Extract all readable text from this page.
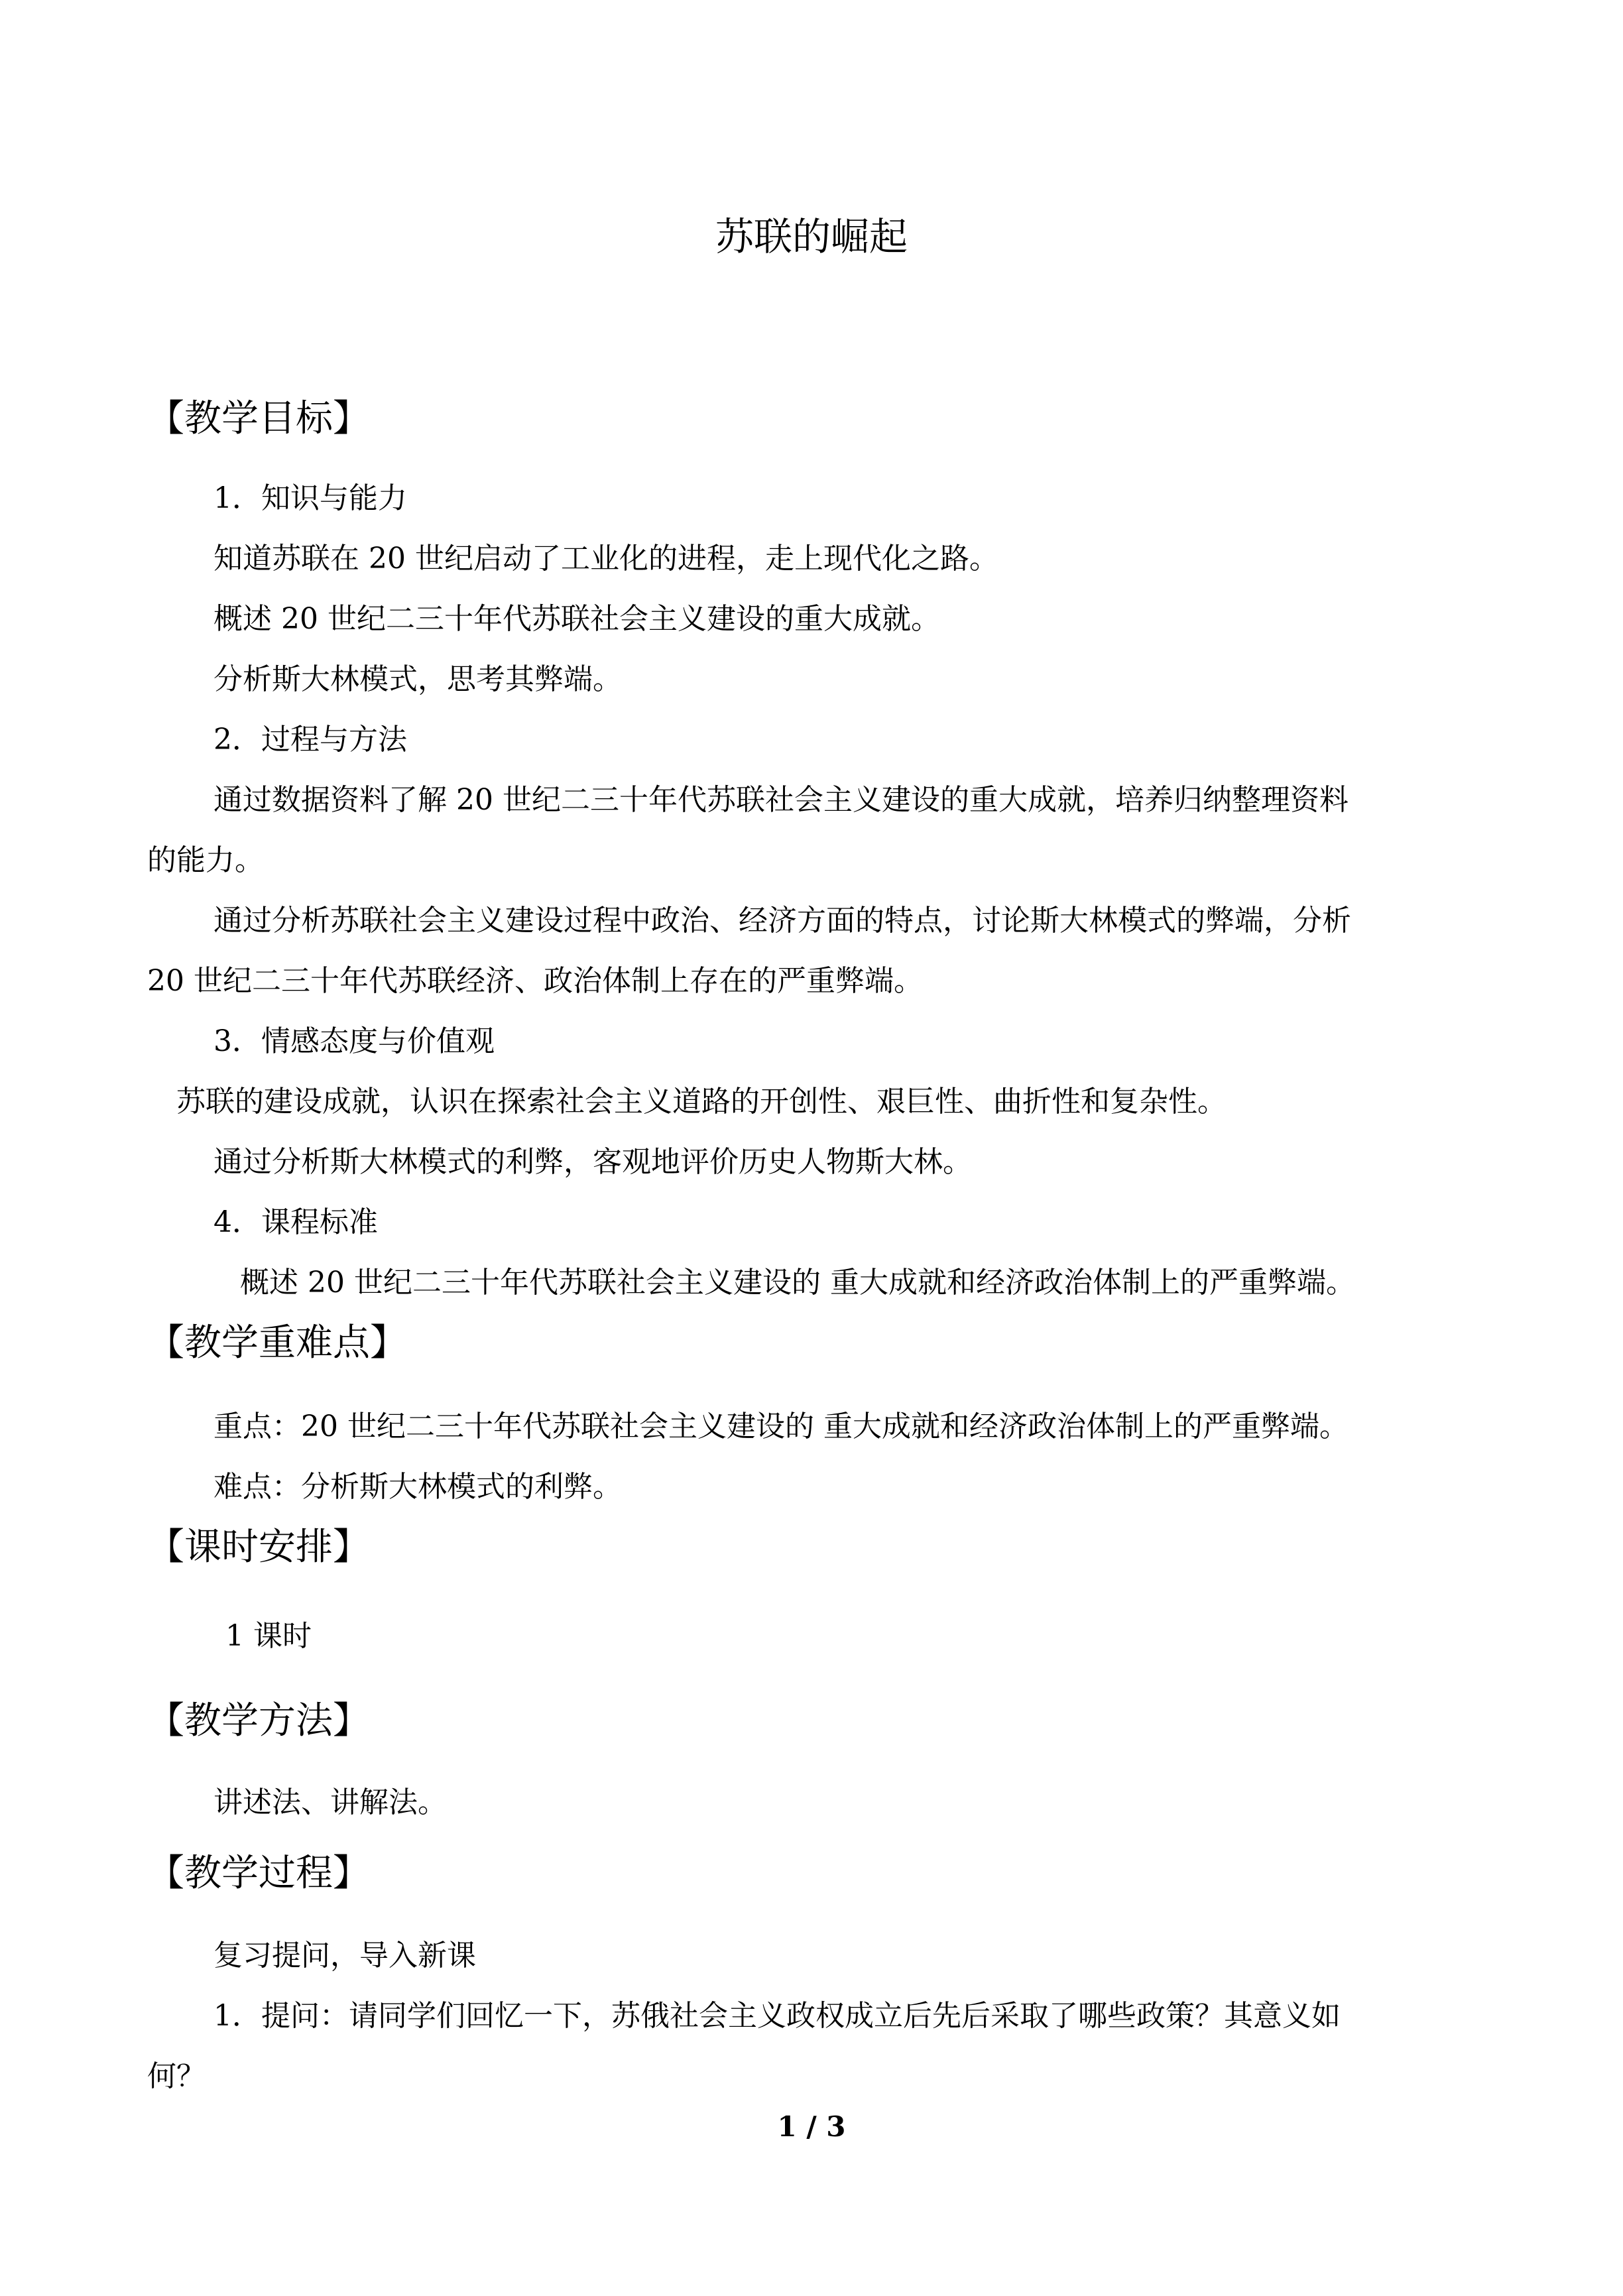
苏联的崛起
【教学目标】
1．知识与能力
知道苏联在 20 世纪启动了工业化的进程，走上现代化之路。
概述 20 世纪二三十年代苏联社会主义建设的重大成就。
分析斯大林模式，思考其弊端。
2．过程与方法
通过数据资料了解 20 世纪二三十年代苏联社会主义建设的重大成就，培养归纳整理资料
的能力。
通过分析苏联社会主义建设过程中政治、经济方面的特点，讨论斯大林模式的弊端，分析
20 世纪二三十年代苏联经济、政治体制上存在的严重弊端。
3．情感态度与价值观
苏联的建设成就，认识在探索社会主义道路的开创性、艰巨性、曲折性和复杂性。
通过分析斯大林模式的利弊，客观地评价历史人物斯大林。
4．课程标准
概述 20 世纪二三十年代苏联社会主义建设的 重大成就和经济政治体制上的严重弊端。
【教学重难点】
重点：20 世纪二三十年代苏联社会主义建设的 重大成就和经济政治体制上的严重弊端。
难点：分析斯大林模式的利弊。
【课时安排】
1 课时
【教学方法】
讲述法、讲解法。
【教学过程】
复习提问，导入新课
1．提问：请同学们回忆一下，苏俄社会主义政权成立后先后采取了哪些政策？其意义如
何？
1 / 3
